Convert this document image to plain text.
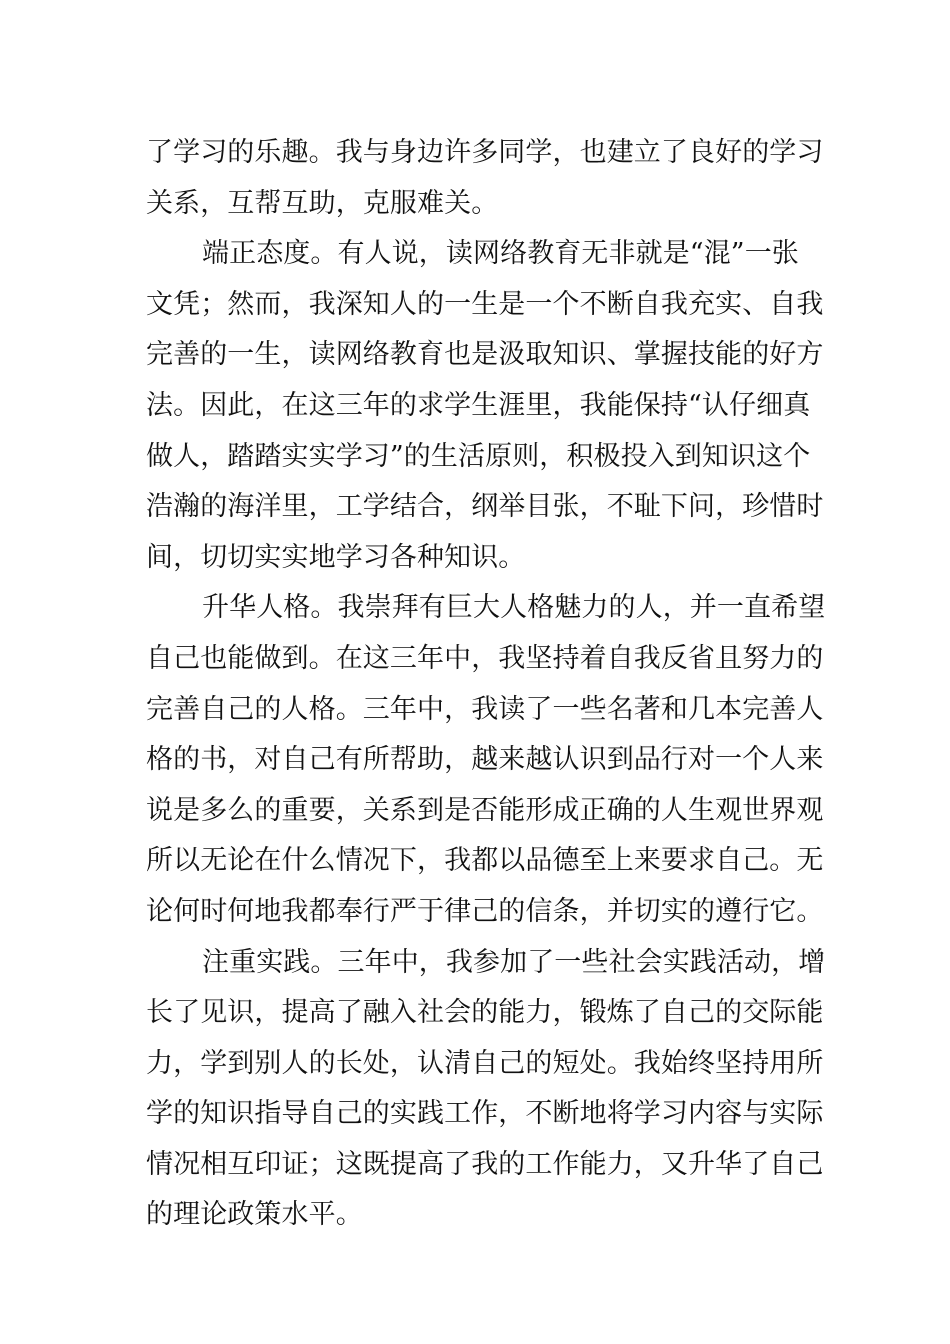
了学习的乐趣。我与身边许多同学，也建立了良好的学习
关系，互帮互助，克服难关。
端正态度。有人说，读网络教育无非就是“混”一张
文凭；然而，我深知人的一生是一个不断自我充实、自我
完善的一生，读网络教育也是汲取知识、掌握技能的好方
法。因此，在这三年的求学生涯里，我能保持“认仔细真
做人，踏踏实实学习”的生活原则，积极投入到知识这个
浩瀚的海洋里，工学结合，纲举目张，不耻下问，珍惜时
间，切切实实地学习各种知识。
升华人格。我崇拜有巨大人格魅力的人，并一直希望
自己也能做到。在这三年中，我坚持着自我反省且努力的
完善自己的人格。三年中，我读了一些名著和几本完善人
格的书，对自己有所帮助，越来越认识到品行对一个人来
说是多么的重要，关系到是否能形成正确的人生观世界观
所以无论在什么情况下，我都以品德至上来要求自己。无
论何时何地我都奉行严于律己的信条，并切实的遵行它。
注重实践。三年中，我参加了一些社会实践活动，增
长了见识，提高了融入社会的能力，锻炼了自己的交际能
力，学到别人的长处，认清自己的短处。我始终坚持用所
学的知识指导自己的实践工作，不断地将学习内容与实际
情况相互印证；这既提高了我的工作能力，又升华了自己
的理论政策水平。
